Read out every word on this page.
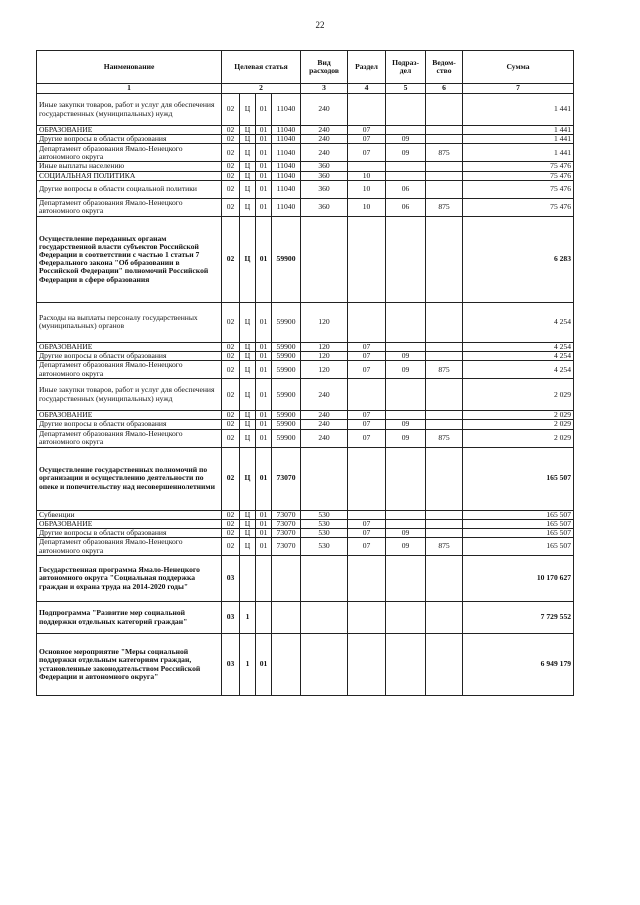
22
Наименование	Целевая статья				Вид расходов	Раздел	Подраз-дел	Ведом-ство	Сумма
1	2				3	4	5	6	7
Иные закупки товаров, работ и услуг для обеспечения государственных (муниципальных) нужд	02	Ц	01	11040	240				1 441
ОБРАЗОВАНИЕ	02	Ц	01	11040	240	07			1 441
Другие вопросы в области образования	02	Ц	01	11040	240	07	09		1 441
Департамент образования Ямало-Ненецкого автономного округа	02	Ц	01	11040	240	07	09	875	1 441
Иные выплаты населению	02	Ц	01	11040	360				75 476
СОЦИАЛЬНАЯ ПОЛИТИКА	02	Ц	01	11040	360	10			75 476
Другие вопросы в области социальной политики	02	Ц	01	11040	360	10	06		75 476
Департамент образования Ямало-Ненецкого автономного округа	02	Ц	01	11040	360	10	06	875	75 476
Осуществление переданных органам государственной власти субъектов Российской Федерации в соответствии с частью 1 статьи 7 Федерального закона "Об образовании в Российской Федерации" полномочий Российской Федерации в сфере образования	02	Ц	01	59900					6 283
Расходы на выплаты персоналу государственных (муниципальных) органов	02	Ц	01	59900	120				4 254
ОБРАЗОВАНИЕ	02	Ц	01	59900	120	07			4 254
Другие вопросы в области образования	02	Ц	01	59900	120	07	09		4 254
Департамент образования Ямало-Ненецкого автономного округа	02	Ц	01	59900	120	07	09	875	4 254
Иные закупки товаров, работ и услуг для обеспечения государственных (муниципальных) нужд	02	Ц	01	59900	240				2 029
ОБРАЗОВАНИЕ	02	Ц	01	59900	240	07			2 029
Другие вопросы в области образования	02	Ц	01	59900	240	07	09		2 029
Департамент образования Ямало-Ненецкого автономного округа	02	Ц	01	59900	240	07	09	875	2 029
Осуществление государственных полномочий по организации и осуществлению деятельности по опеке и попечительству над несовершеннолетними	02	Ц	01	73070					165 507
Субвенции	02	Ц	01	73070	530				165 507
ОБРАЗОВАНИЕ	02	Ц	01	73070	530	07			165 507
Другие вопросы в области образования	02	Ц	01	73070	530	07	09		165 507
Департамент образования Ямало-Ненецкого автономного округа	02	Ц	01	73070	530	07	09	875	165 507
Государственная программа Ямало-Ненецкого автономного округа "Социальная поддержка граждан и охрана труда на 2014-2020 годы"	03								10 170 627
Подпрограмма "Развитие мер социальной поддержки отдельных категорий граждан"	03	1							7 729 552
Основное мероприятие "Меры социальной поддержки отдельным категориям граждан, установленные законодательством Российской Федерации и автономного округа"	03	1	01						6 949 179
